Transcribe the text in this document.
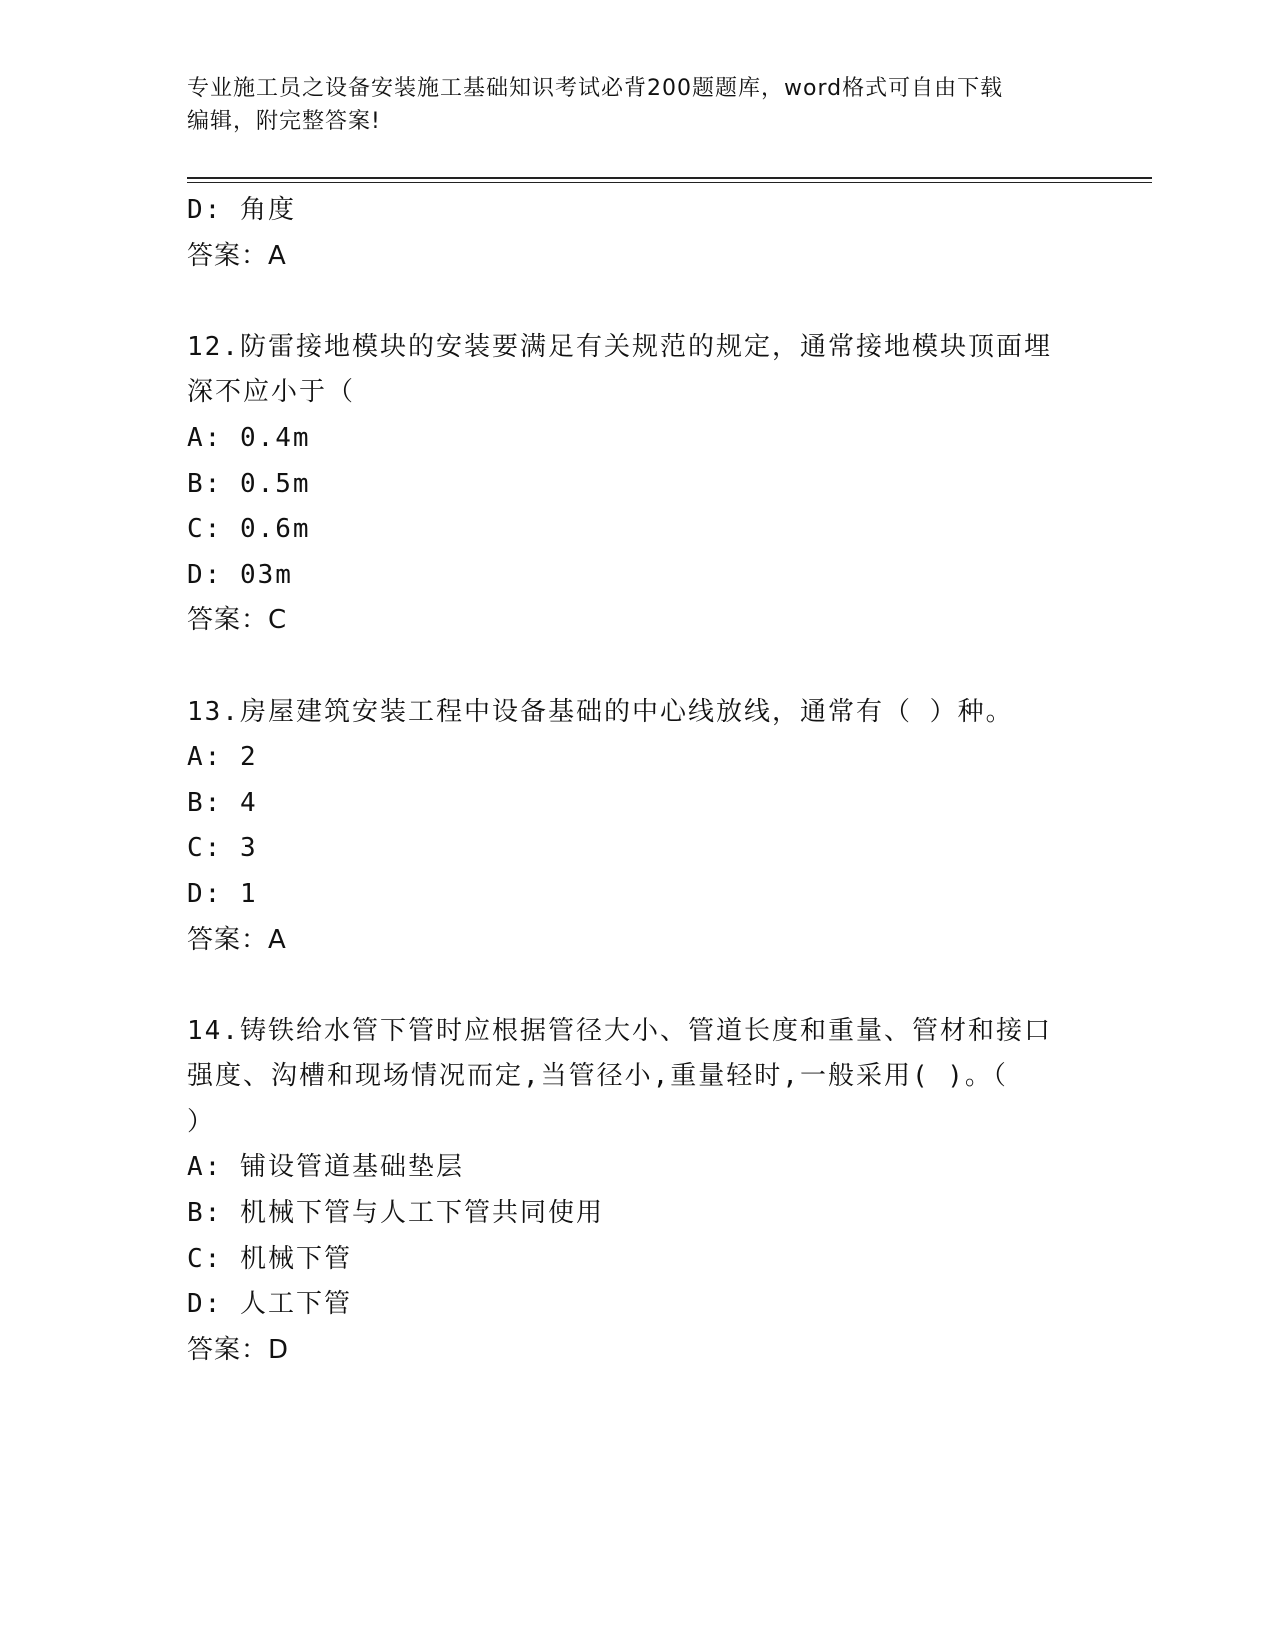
专业施工员之设备安装施工基础知识考试必背200题题库，word格式可自由下载
编辑，附完整答案!
D: 角度
答案：A
12.防雷接地模块的安装要满足有关规范的规定，通常接地模块顶面埋
深不应小于（
A: 0.4m
B: 0.5m
C: 0.6m
D: 03m
答案：C
13.房屋建筑安装工程中设备基础的中心线放线，通常有（ ）种。
A: 2
B: 4
C: 3
D: 1
答案：A
14.铸铁给水管下管时应根据管径大小、管道长度和重量、管材和接口
强度、沟槽和现场情况而定,当管径小,重量轻时,一般采用( )。（
）
A: 铺设管道基础垫层
B: 机械下管与人工下管共同使用
C: 机械下管
D: 人工下管
答案：D
